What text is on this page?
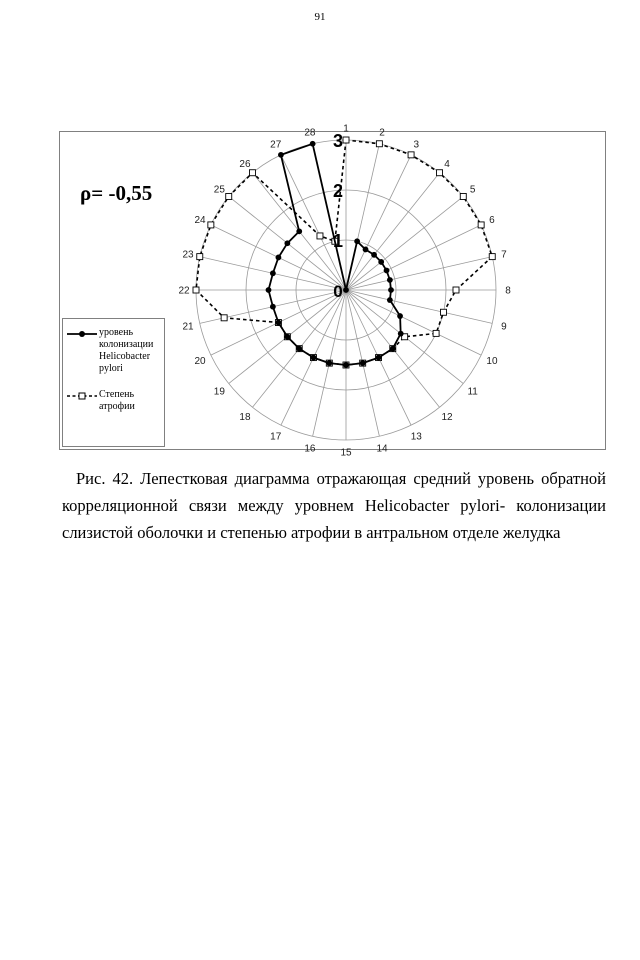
91
1	2
3
4
5
6
7
8
9
10
11
12
13
14
15
16
17
18
19
20
21
22
23
24
25
26
27
28
0
1
2
3
ρ= -0,55
уровень колонизации Helicobacter pylori
Степень атрофии
Рис. 42. Лепестковая диаграмма отражающая средний уровень обратной корреляционной связи между уровнем Helicobacter pylori- колонизации слизистой оболочки и степенью атрофии в антральном отделе желудка
